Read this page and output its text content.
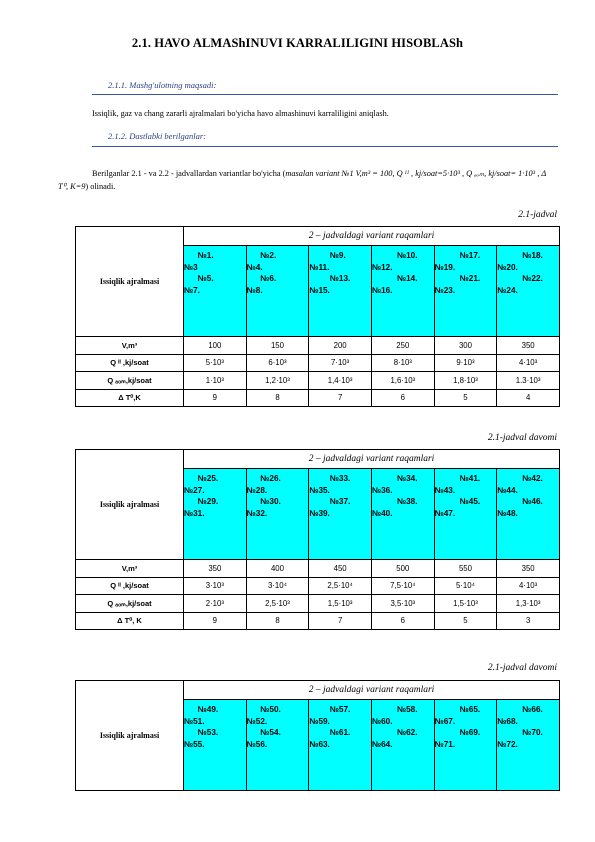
2.1. HAVO ALMAShINUVI KARRALILIGINI HISOBLASh
2.1.1. Mashg'ulotning maqsadi:
Issiqlik, gaz va chang zararli ajralmalari bo'yicha havo almashinuvi karraliligini aniqlash.
2.1.2. Dastlabki berilganlar:
Berilganlar 2.1 - va 2.2 - jadvallardan variantlar bo'yicha (masalan variant №1 V,m³ = 100, Q ᴵᴵ , kj/soat=5·10³ , Q ₐₒₘ, kj/soat= 1·10³ , Δ T⁰, K=9) olinadi.
2.1-jadval
Issiqlik ajralmasi	2 – jadvaldagi variant raqamlari					

	№1.
№3
№5.
№7.	№2.
№4.
№6.
№8.	№9.
№11.
№13.
№15.	№10.
№12.
№14.
№16.	№17.
№19.
№21.
№23.	№18.
№20.
№22.
№24.

V,m³	100	150	200	250	300	350
Q ᴵᴵ ,kj/soat	5·10³	6·10³	7·10³	8·10³	9·10³	4·10³
Q ₐₒₘ,kj/soat	1·10³	1,2·10³	1,4·10³	1,6·10³	1,8·10³	1.3·10³
Δ T⁰,K	9	8	7	6	5	4
2.1-jadval davomi
Issiqlik ajralmasi	2 – jadvaldagi variant raqamlari					

	№25.
№27.
№29.
№31.	№26.
№28.
№30.
№32.	№33.
№35.
№37.
№39.	№34.
№36.
№38.
№40.	№41.
№43.
№45.
№47.	№42.
№44.
№46.
№48.

V,m³	350	400	450	500	550	350
Q ᴵᴵ ,kj/soat	3·10³	3·10⁴	2,5·10⁴	7,5·10⁴	5·10⁴	4·10³
Q ₐₒₘ,kj/soat	2·10³	2,5·10³	1,5·10³	3,5·10³	1,5·10³	1,3·10³
Δ T⁰, K	9	8	7	6	5	3
2.1-jadval davomi
Issiqlik ajralmasi	2 – jadvaldagi variant raqamlari					

	№49.
№51.
№53.
№55.	№50.
№52.
№54.
№56.	№57.
№59.
№61.
№63.	№58.
№60.
№62.
№64.	№65.
№67.
№69.
№71.	№66.
№68.
№70.
№72.
